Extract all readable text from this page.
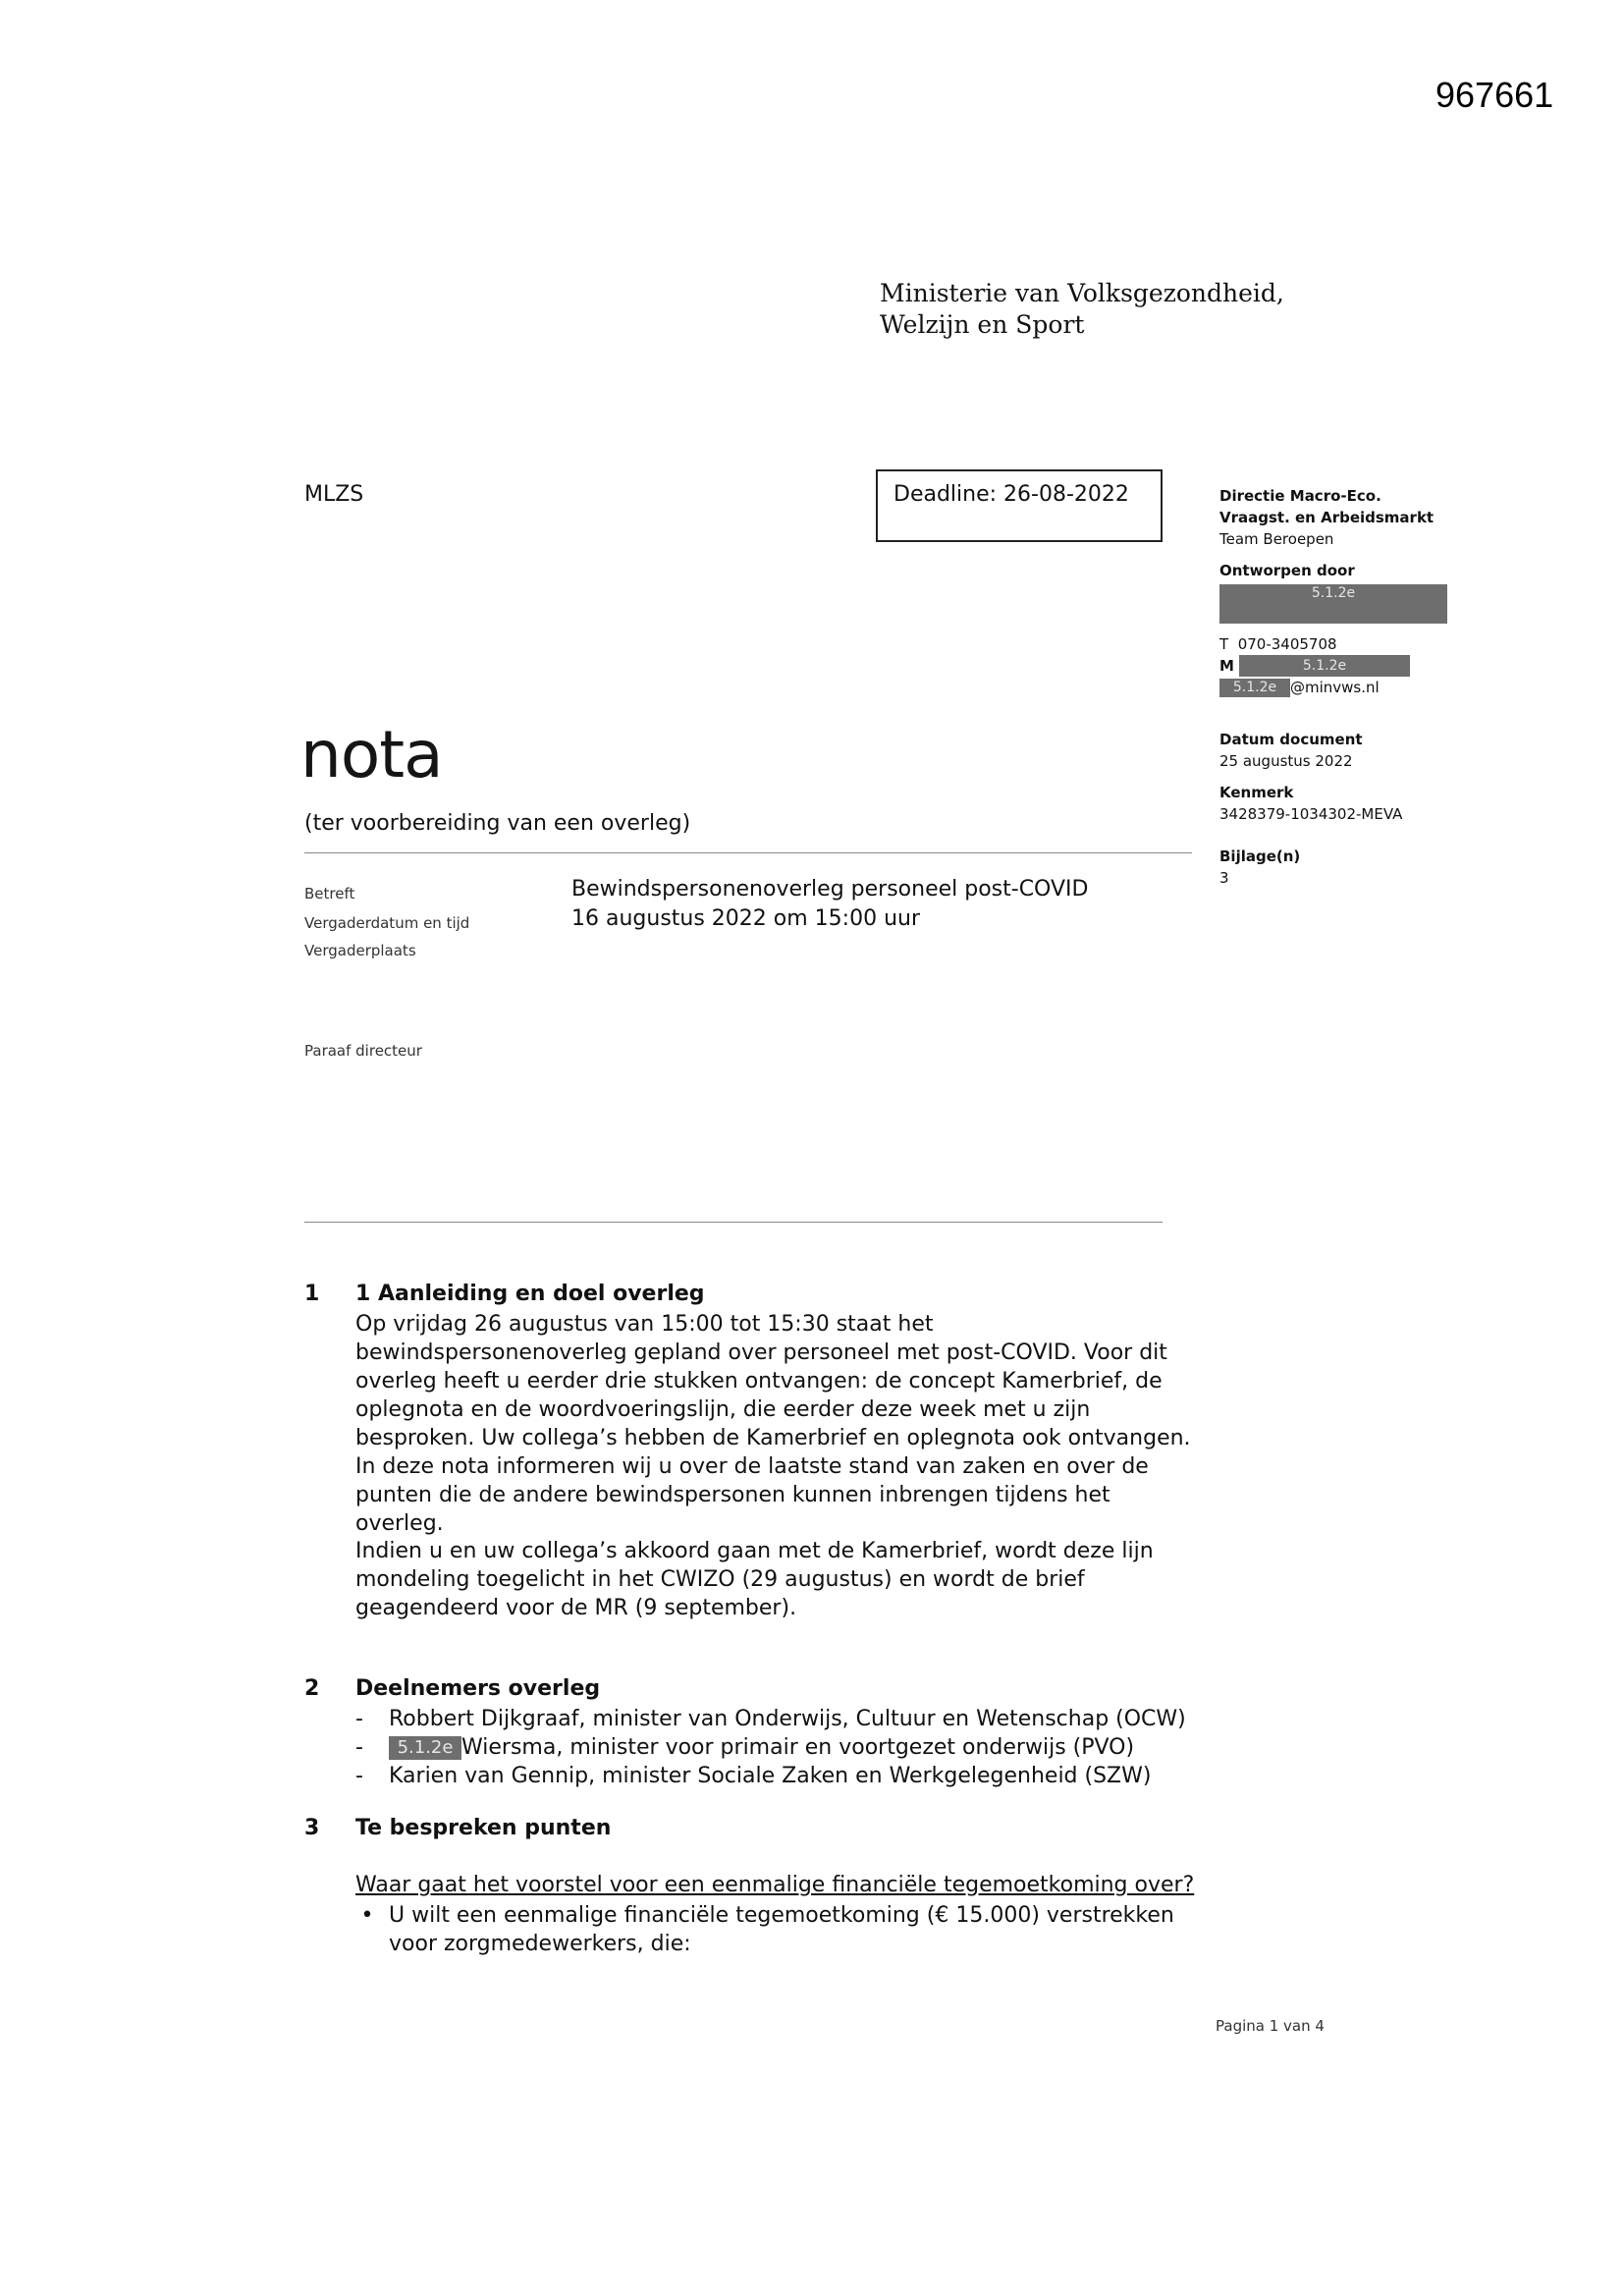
967661
Ministerie van Volksgezondheid,
Welzijn en Sport
MLZS	Deadline: 26-08-2022	Directie Macro-Eco.
Vraagst. en Arbeidsmarkt
Team Beroepen
Ontworpen door
5.1.2e
T 070-3405708
M	5.1.2e
5.1.2e @minvws.nl
Datum document
25 augustus 2022
Kenmerk
3428379-1034302-MEVA
Bijlage(n)
3
nota
(ter voorbereiding van een overleg)
Betreft	Bewindspersonenoverleg personeel post-COVID
Vergaderdatum en tijd	16 augustus 2022 om 15:00 uur
Vergaderplaats
Paraaf directeur
1 1 Aanleiding en doel overleg

Op vrijdag 26 augustus van 15:00 tot 15:30 staat het

bewindspersonenoverleg gepland over personeel met post-COVID. Voor dit

overleg heeft u eerder drie stukken ontvangen: de concept Kamerbrief, de

oplegnota en de woordvoeringslijn, die eerder deze week met u zijn

besproken. Uw collega’s hebben de Kamerbrief en oplegnota ook ontvangen.

In deze nota informeren wij u over de laatste stand van zaken en over de

punten die de andere bewindspersonen kunnen inbrengen tijdens het overleg.

Indien u en uw collega’s akkoord gaan met de Kamerbrief, wordt deze lijn

mondeling toegelicht in het CWIZO (29 augustus) en wordt de brief

geagendeerd voor de MR (9 september).

2 Deelnemers overleg
-	Robbert Dijkgraaf, minister van Onderwijs, Cultuur en Wetenschap (OCW)
-	5.1.2e Wiersma, minister voor primair en voortgezet onderwijs (PVO)
-	Karien van Gennip, minister Sociale Zaken en Werkgelegenheid (SZW)
3 Te bespreken punten
Waar gaat het voorstel voor een eenmalige financiële tegemoetkoming over?
• U wilt een eenmalige financiële tegemoetkoming (€ 15.000) verstrekken
voor zorgmedewerkers, die:
Pagina 1 van 4
